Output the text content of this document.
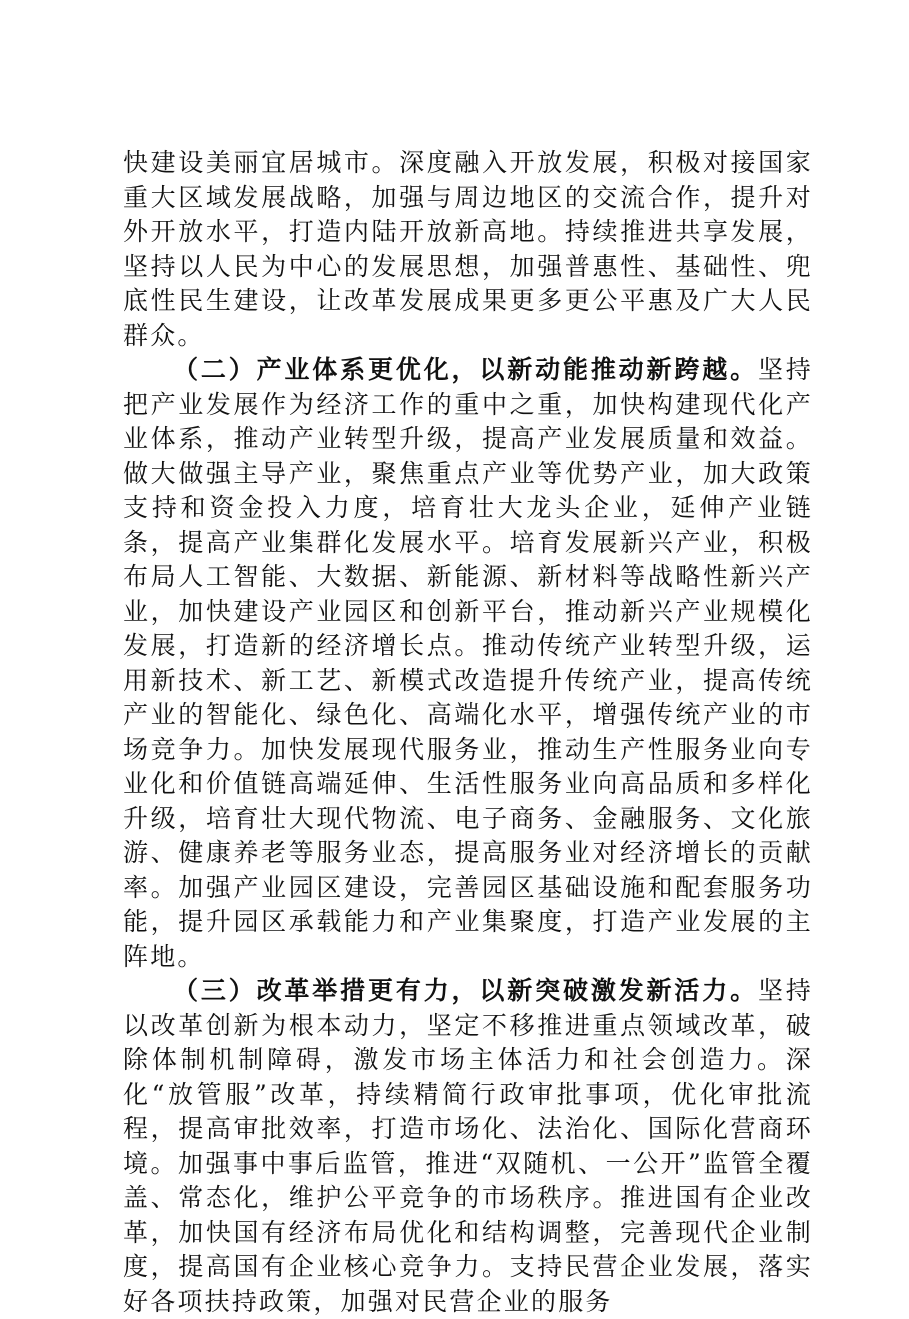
快建设美丽宜居城市。深度融入开放发展，积极对接国家重大区域发展战略，加强与周边地区的交流合作，提升对外开放水平，打造内陆开放新高地。持续推进共享发展，坚持以人民为中心的发展思想，加强普惠性、基础性、兜底性民生建设，让改革发展成果更多更公平惠及广大人民群众。

（二）产业体系更优化，以新动能推动新跨越。坚持把产业发展作为经济工作的重中之重，加快构建现代化产业体系，推动产业转型升级，提高产业发展质量和效益。做大做强主导产业，聚焦重点产业等优势产业，加大政策支持和资金投入力度，培育壮大龙头企业，延伸产业链条，提高产业集群化发展水平。培育发展新兴产业，积极布局人工智能、大数据、新能源、新材料等战略性新兴产业，加快建设产业园区和创新平台，推动新兴产业规模化发展，打造新的经济增长点。推动传统产业转型升级，运用新技术、新工艺、新模式改造提升传统产业，提高传统产业的智能化、绿色化、高端化水平，增强传统产业的市场竞争力。加快发展现代服务业，推动生产性服务业向专业化和价值链高端延伸、生活性服务业向高品质和多样化升级，培育壮大现代物流、电子商务、金融服务、文化旅游、健康养老等服务业态，提高服务业对经济增长的贡献率。加强产业园区建设，完善园区基础设施和配套服务功能，提升园区承载能力和产业集聚度，打造产业发展的主阵地。

（三）改革举措更有力，以新突破激发新活力。坚持以改革创新为根本动力，坚定不移推进重点领域改革，破除体制机制障碍，激发市场主体活力和社会创造力。深化“放管服”改革，持续精简行政审批事项，优化审批流程，提高审批效率，打造市场化、法治化、国际化营商环境。加强事中事后监管，推进“双随机、一公开”监管全覆盖、常态化，维护公平竞争的市场秩序。推进国有企业改革，加快国有经济布局优化和结构调整，完善现代企业制度，提高国有企业核心竞争力。支持民营企业发展，落实好各项扶持政策，加强对民营企业的服务
